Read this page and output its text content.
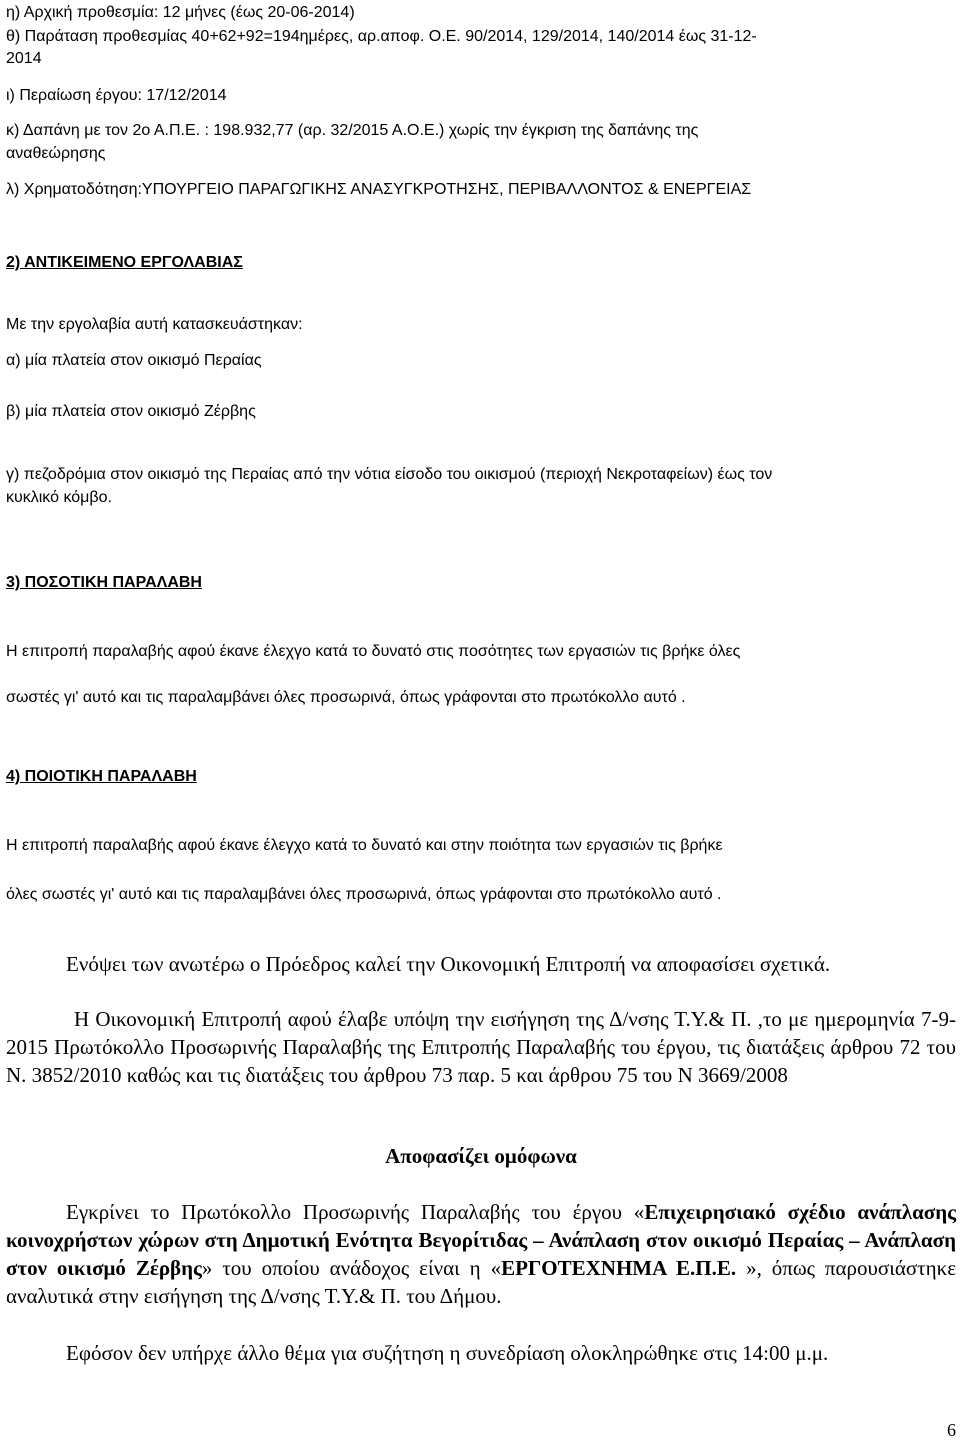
η) Αρχική προθεσμία: 12 μήνες (έως 20-06-2014)
θ) Παράταση προθεσμίας 40+62+92=194ημέρες, αρ.αποφ. Ο.Ε. 90/2014, 129/2014, 140/2014 έως 31-12-
2014
ι) Περαίωση έργου: 17/12/2014
κ) Δαπάνη με τον 2ο Α.Π.Ε. : 198.932,77 (αρ. 32/2015 Α.Ο.Ε.) χωρίς την έγκριση της δαπάνης της
αναθεώρησης
λ) Χρηματοδότηση:ΥΠΟΥΡΓΕΙΟ ΠΑΡΑΓΩΓΙΚΗΣ ΑΝΑΣΥΓΚΡΟΤΗΣΗΣ, ΠΕΡΙΒΑΛΛΟΝΤΟΣ & ΕΝΕΡΓΕΙΑΣ
2) ΑΝΤΙΚΕΙΜΕΝΟ ΕΡΓΟΛΑΒΙΑΣ
Με την εργολαβία αυτή κατασκευάστηκαν:
α) μία πλατεία στον οικισμό Περαίας
β) μία πλατεία στον οικισμό Ζέρβης
γ) πεζοδρόμια στον οικισμό της Περαίας από την νότια είσοδο του οικισμού (περιοχή Νεκροταφείων) έως τον
κυκλικό κόμβο.
3) ΠΟΣΟΤΙΚΗ ΠΑΡΑΛΑΒΗ
Η επιτροπή παραλαβής αφού έκανε έλεχγο κατά το δυνατό στις ποσότητες των εργασιών τις βρήκε όλες
σωστές γι' αυτό και τις παραλαμβάνει όλες προσωρινά, όπως γράφονται στο πρωτόκολλο αυτό .
4) ΠΟΙΟΤΙΚΗ ΠΑΡΑΛΑΒΗ
Η επιτροπή παραλαβής αφού έκανε έλεγχο κατά το δυνατό και στην ποιότητα των εργασιών τις βρήκε
όλες σωστές γι' αυτό και τις παραλαμβάνει όλες προσωρινά, όπως γράφονται στο πρωτόκολλο αυτό .
Ενόψει των ανωτέρω ο Πρόεδρος καλεί την Οικονομική Επιτροπή να αποφασίσει σχετικά.
Η Οικονομική Επιτροπή αφού έλαβε υπόψη την εισήγηση της Δ/νσης Τ.Υ.& Π. ,το με ημερομηνία 7-9-2015 Πρωτόκολλο Προσωρινής Παραλαβής της Επιτροπής Παραλαβής του έργου, τις διατάξεις άρθρου 72 του Ν. 3852/2010 καθώς και τις διατάξεις του άρθρου 73 παρ. 5 και άρθρου 75 του Ν 3669/2008
Αποφασίζει ομόφωνα
Εγκρίνει το Πρωτόκολλο Προσωρινής Παραλαβής του έργου «Επιχειρησιακό σχέδιο ανάπλασης κοινοχρήστων χώρων στη Δημοτική Ενότητα Βεγορίτιδας – Ανάπλαση στον οικισμό Περαίας – Ανάπλαση στον οικισμό Ζέρβης» του οποίου ανάδοχος είναι η «ΕΡΓΟΤΕΧΝΗΜΑ Ε.Π.Ε. », όπως παρουσιάστηκε αναλυτικά στην εισήγηση της Δ/νσης Τ.Υ.& Π. του Δήμου.
Εφόσον δεν υπήρχε άλλο θέμα για συζήτηση η συνεδρίαση ολοκληρώθηκε στις 14:00 μ.μ.
6
